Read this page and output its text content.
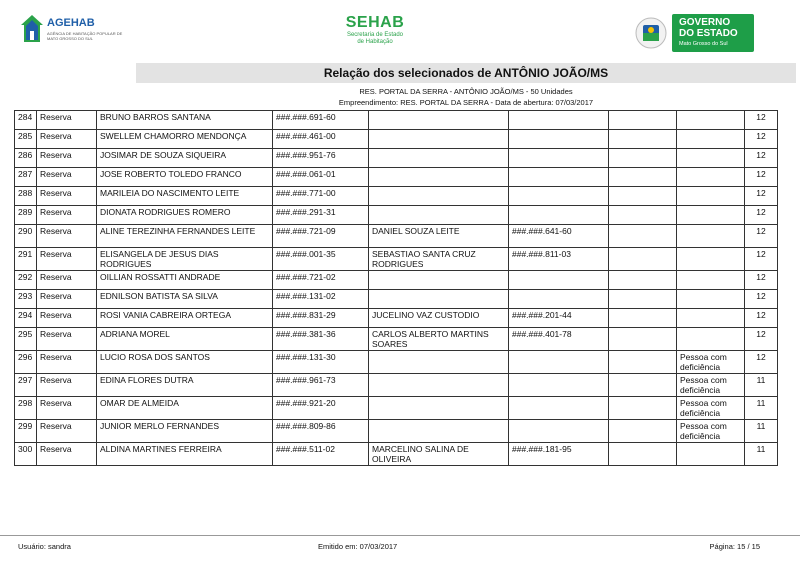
AGEHAB
AGÊNCIA DE HABITAÇÃO POPULAR DE MATO GROSSO DO SUL
SEHAB
Secretaria de Estado
de Habitação
GOVERNO
DO ESTADO
Mato Grosso do Sul
Relação dos selecionados de ANTÔNIO JOÃO/MS
RES. PORTAL DA SERRA - ANTÔNIO JOÃO/MS - 50 Unidades
Empreendimento: RES. PORTAL DA SERRA - Data de abertura: 07/03/2017
284	Reserva	BRUNO BARROS SANTANA	###.###.691-60					12
285	Reserva	SWELLEM CHAMORRO MENDONÇA	###.###.461-00					12
286	Reserva	JOSIMAR DE SOUZA SIQUEIRA	###.###.951-76					12
287	Reserva	JOSE ROBERTO TOLEDO FRANCO	###.###.061-01					12
288	Reserva	MARILEIA DO NASCIMENTO LEITE	###.###.771-00					12
289	Reserva	DIONATA RODRIGUES ROMERO	###.###.291-31					12
290	Reserva	ALINE TEREZINHA FERNANDES LEITE	###.###.721-09	DANIEL SOUZA LEITE	###.###.641-60			12
291	Reserva	ELISANGELA DE JESUS DIAS RODRIGUES	###.###.001-35	SEBASTIAO SANTA CRUZ RODRIGUES	###.###.811-03			12
292	Reserva	OILLIAN ROSSATTI ANDRADE	###.###.721-02					12
293	Reserva	EDNILSON BATISTA SA SILVA	###.###.131-02					12
294	Reserva	ROSI VANIA CABREIRA ORTEGA	###.###.831-29	JUCELINO VAZ CUSTODIO	###.###.201-44			12
295	Reserva	ADRIANA MOREL	###.###.381-36	CARLOS ALBERTO MARTINS SOARES	###.###.401-78			12
296	Reserva	LUCIO ROSA DOS SANTOS	###.###.131-30				Pessoa com deficiência	12
297	Reserva	EDINA FLORES DUTRA	###.###.961-73				Pessoa com deficiência	11
298	Reserva	OMAR DE ALMEIDA	###.###.921-20				Pessoa com deficiência	11
299	Reserva	JUNIOR MERLO FERNANDES	###.###.809-86				Pessoa com deficiência	11
300	Reserva	ALDINA MARTINES FERREIRA	###.###.511-02	MARCELINO SALINA DE OLIVEIRA	###.###.181-95			11
Usuário: sandra	Emitido em: 07/03/2017	Página: 15 / 15
